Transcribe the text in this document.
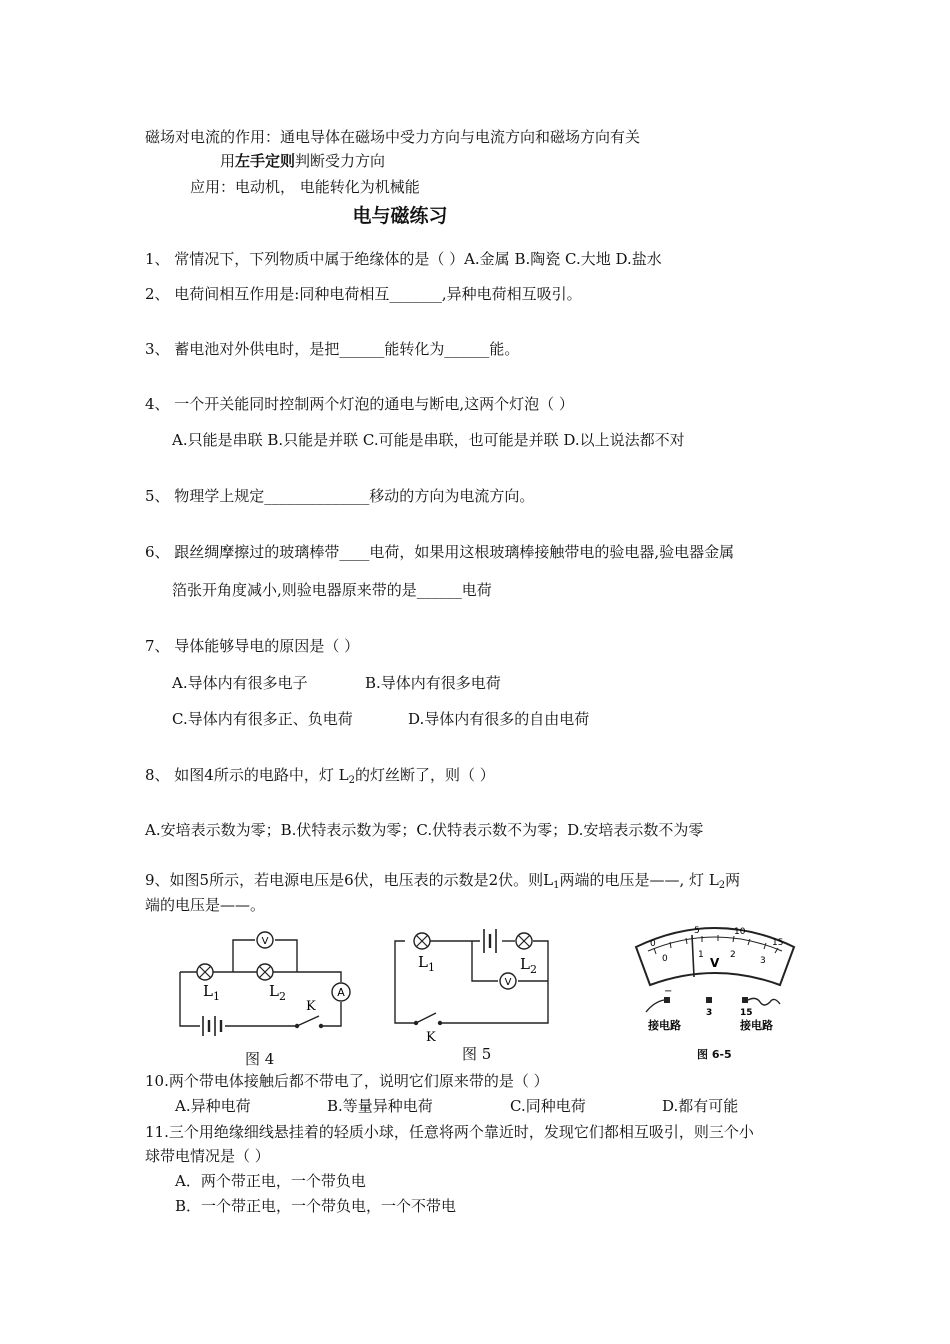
磁场对电流的作用：通电导体在磁场中受力方向与电流方向和磁场方向有关
用左手定则判断受力方向
应用：电动机， 电能转化为机械能
电与磁练习
1、 常情况下，下列物质中属于绝缘体的是（ ）A.金属 B.陶瓷 C.大地 D.盐水
2、 电荷间相互作用是:同种电荷相互_______,异种电荷相互吸引。
3、 蓄电池对外供电时，是把______能转化为______能。
4、 一个开关能同时控制两个灯泡的通电与断电,这两个灯泡（ ）
A.只能是串联 B.只能是并联 C.可能是串联，也可能是并联 D.以上说法都不对
5、 物理学上规定______________移动的方向为电流方向。
6、 跟丝绸摩擦过的玻璃棒带____电荷，如果用这根玻璃棒接触带电的验电器,验电器金属
箔张开角度减小,则验电器原来带的是______电荷
7、 导体能够导电的原因是（ ）
A.导体内有很多电子	B.导体内有很多电荷
C.导体内有很多正、负电荷	D.导体内有很多的自由电荷
8、 如图4所示的电路中，灯 $L_2$的灯丝断了，则（ ）
A.安培表示数为零；B.伏特表示数为零；C.伏特表示数不为零；D.安培表示数不为零
9、如图5所示，若电源电压是6伏，电压表的示数是2伏。则$L_1$两端的电压是——, 灯 $L_2$两
端的电压是——。
V
A
K
$L_1$	$L_2$
图 4
V
K
$L_1$	$L_2$
图 5
0
5	10
15
0	1	2
3
V
−
3	15
接电路	接电路
图 6-5
10.两个带电体接触后都不带电了，说明它们原来带的是（ ）
A.异种电荷	B.等量异种电荷	C.同种电荷	D.都有可能
11.三个用绝缘细线悬挂着的轻质小球，任意将两个靠近时，发现它们都相互吸引，则三个小
球带电情况是（ ）
A．两个带正电，一个带负电
B．一个带正电，一个带负电，一个不带电
